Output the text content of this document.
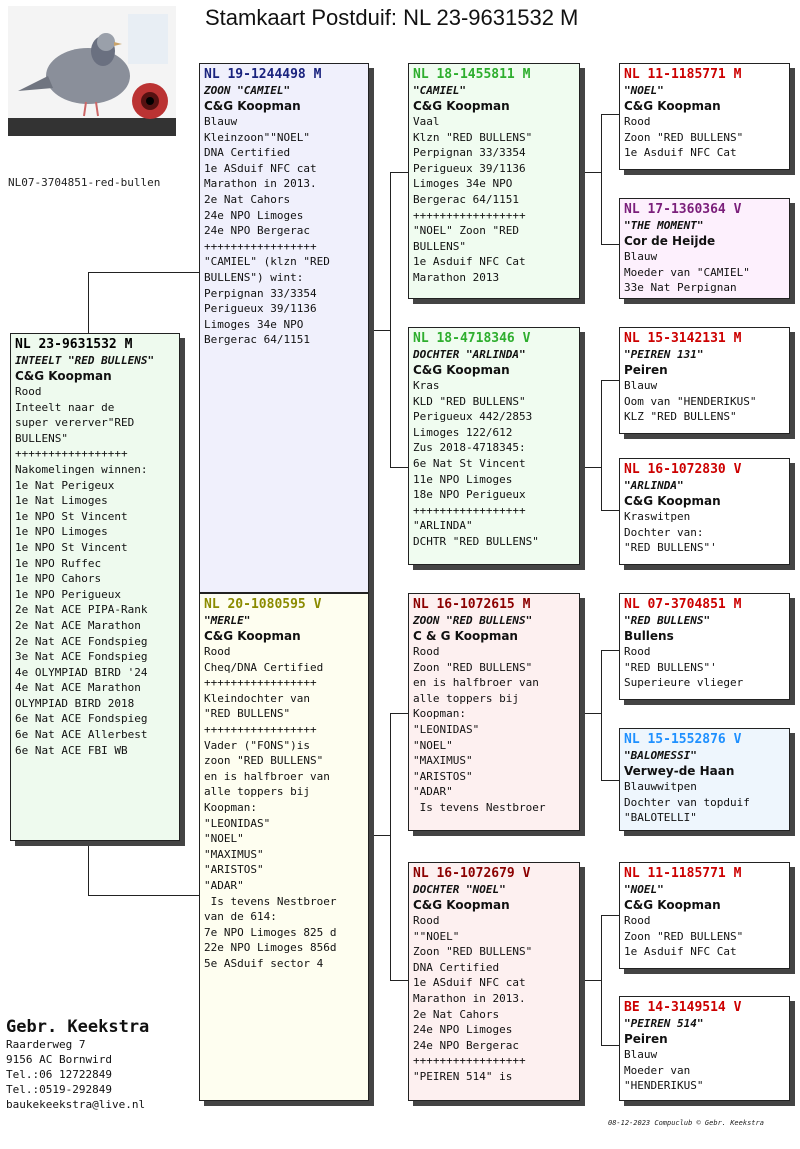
Stamkaart Postduif: NL 23-9631532 M
NL07-3704851-red-bullen
NL 23-9631532 M
INTEELT "RED BULLENS"
C&G Koopman
Rood
Inteelt naar de
super vererver"RED
BULLENS"
+++++++++++++++++
Nakomelingen winnen:
1e Nat Perigeux
1e Nat Limoges
1e NPO St Vincent
1e NPO Limoges
1e NPO St Vincent
1e NPO Ruffec
1e NPO Cahors
1e NPO Perigueux
2e Nat ACE PIPA-Rank
2e Nat ACE Marathon
2e Nat ACE Fondspieg
3e Nat ACE Fondspieg
4e OLYMPIAD BIRD '24
4e Nat ACE Marathon
OLYMPIAD BIRD 2018
6e Nat ACE Fondspieg
6e Nat ACE Allerbest
6e Nat ACE FBI WB
NL 19-1244498 M
ZOON "CAMIEL"
C&G Koopman
Blauw
Kleinzoon""NOEL"
DNA Certified
1e ASduif NFC cat
Marathon in 2013.
2e Nat Cahors
24e NPO Limoges
24e NPO Bergerac
+++++++++++++++++
"CAMIEL" (klzn "RED
BULLENS") wint:
Perpignan 33/3354
Perigueux 39/1136
Limoges 34e NPO
Bergerac 64/1151
NL 20-1080595 V
"MERLE"
C&G Koopman
Rood
Cheq/DNA Certified
+++++++++++++++++
Kleindochter van
"RED BULLENS"
+++++++++++++++++
Vader ("FONS")is
zoon "RED BULLENS"
en is halfbroer van
alle toppers bij
Koopman:
"LEONIDAS"
"NOEL"
"MAXIMUS"
"ARISTOS"
"ADAR"
Is tevens Nestbroer
van de 614:
7e NPO Limoges 825 d
22e NPO Limoges 856d
5e ASduif sector 4
NL 18-1455811 M
"CAMIEL"
C&G Koopman
Vaal
Klzn "RED BULLENS"
Perpignan 33/3354
Perigueux 39/1136
Limoges 34e NPO
Bergerac 64/1151
+++++++++++++++++
"NOEL" Zoon "RED
BULLENS"
1e Asduif NFC Cat
Marathon 2013
NL 18-4718346 V
DOCHTER "ARLINDA"
C&G Koopman
Kras
KLD "RED BULLENS"
Perigueux 442/2853
Limoges 122/612
Zus 2018-4718345:
6e Nat St Vincent
11e NPO Limoges
18e NPO Perigueux
+++++++++++++++++
"ARLINDA"
DCHTR "RED BULLENS"
NL 16-1072615 M
ZOON "RED BULLENS"
C & G Koopman
Rood
Zoon "RED BULLENS"
en is halfbroer van
alle toppers bij
Koopman:
"LEONIDAS"
"NOEL"
"MAXIMUS"
"ARISTOS"
"ADAR"
Is tevens Nestbroer
NL 16-1072679 V
DOCHTER "NOEL"
C&G Koopman
Rood
""NOEL"
Zoon "RED BULLENS"
DNA Certified
1e ASduif NFC cat
Marathon in 2013.
2e Nat Cahors
24e NPO Limoges
24e NPO Bergerac
+++++++++++++++++
"PEIREN 514" is
NL 11-1185771 M
"NOEL"
C&G Koopman
Rood
Zoon "RED BULLENS"
1e Asduif NFC Cat
NL 17-1360364 V
"THE MOMENT"
Cor de Heijde
Blauw
Moeder van "CAMIEL"
33e Nat Perpignan
NL 15-3142131 M
"PEIREN 131"
Peiren
Blauw
Oom van "HENDERIKUS"
KLZ "RED BULLENS"
NL 16-1072830 V
"ARLINDA"
C&G Koopman
Kraswitpen
Dochter van:
"RED BULLENS"'
NL 07-3704851 M
"RED BULLENS"
Bullens
Rood
"RED BULLENS"'
Superieure vlieger
NL 15-1552876 V
"BALOMESSI"
Verwey-de Haan
Blauwwitpen
Dochter van topduif
"BALOTELLI"
NL 11-1185771 M
"NOEL"
C&G Koopman
Rood
Zoon "RED BULLENS"
1e Asduif NFC Cat
BE 14-3149514 V
"PEIREN 514"
Peiren
Blauw
Moeder van
"HENDERIKUS"
Gebr. Keekstra
Raarderweg 7
9156 AC Bornwird
Tel.:06 12722849
Tel.:0519-292849
baukekeekstra@live.nl
08-12-2023 Compuclub © Gebr. Keekstra
